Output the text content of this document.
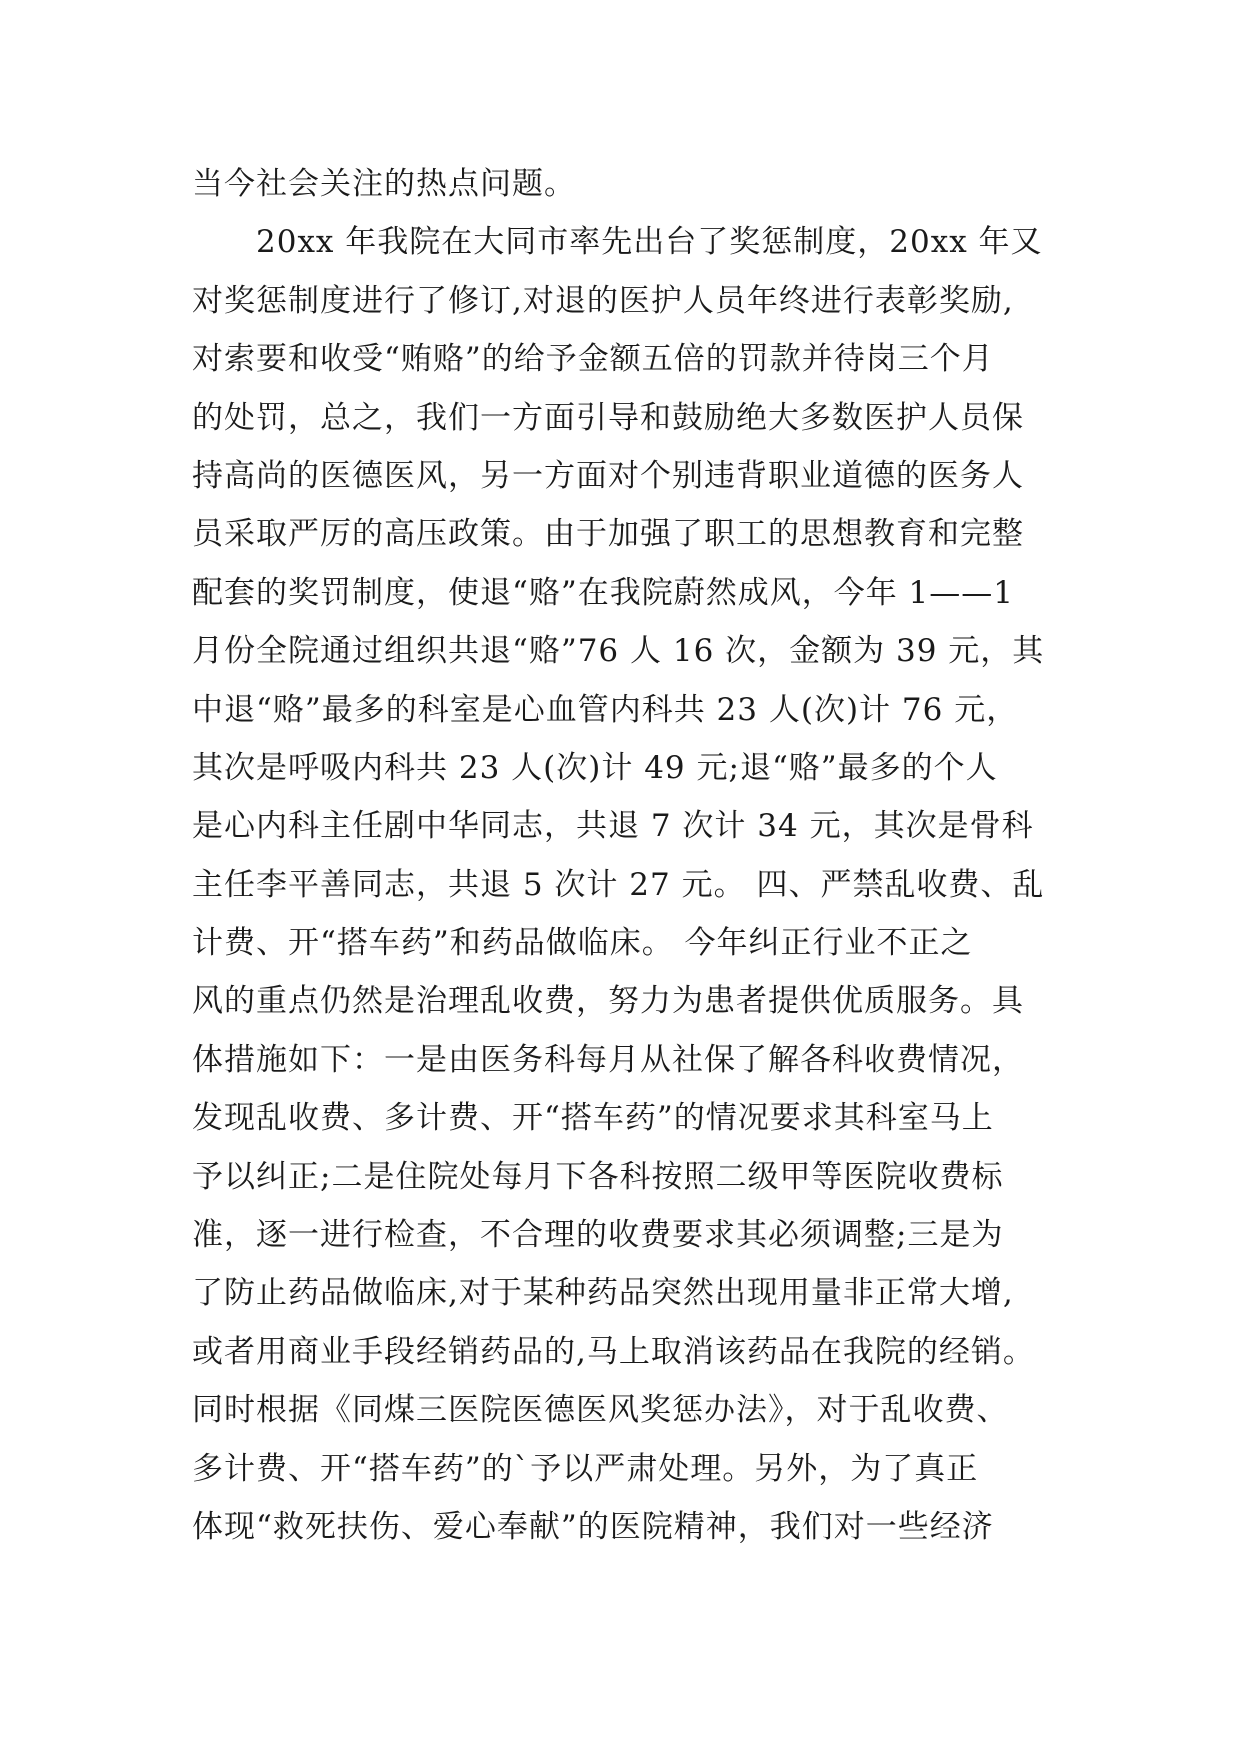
当今社会关注的热点问题。
20xx 年我院在大同市率先出台了奖惩制度，20xx 年又
对奖惩制度进行了修订,对退的医护人员年终进行表彰奖励,
对索要和收受“贿赂”的给予金额五倍的罚款并待岗三个月
的处罚，总之，我们一方面引导和鼓励绝大多数医护人员保
持高尚的医德医风，另一方面对个别违背职业道德的医务人
员采取严厉的高压政策。由于加强了职工的思想教育和完整
配套的奖罚制度，使退“赂”在我院蔚然成风，今年 1——1
月份全院通过组织共退“赂”76 人 16 次，金额为 39 元，其
中退“赂”最多的科室是心血管内科共 23 人(次)计 76 元，
其次是呼吸内科共 23 人(次)计 49 元;退“赂”最多的个人
是心内科主任剧中华同志，共退 7 次计 34 元，其次是骨科
主任李平善同志，共退 5 次计 27 元。 四、严禁乱收费、乱
计费、开“搭车药”和药品做临床。 今年纠正行业不正之
风的重点仍然是治理乱收费，努力为患者提供优质服务。具
体措施如下：一是由医务科每月从社保了解各科收费情况，
发现乱收费、多计费、开“搭车药”的情况要求其科室马上
予以纠正;二是住院处每月下各科按照二级甲等医院收费标
准，逐一进行检查，不合理的收费要求其必须调整;三是为
了防止药品做临床,对于某种药品突然出现用量非正常大增,
或者用商业手段经销药品的,马上取消该药品在我院的经销。
同时根据《同煤三医院医德医风奖惩办法》，对于乱收费、
多计费、开“搭车药”的`予以严肃处理。另外，为了真正
体现“救死扶伤、爱心奉献”的医院精神，我们对一些经济
